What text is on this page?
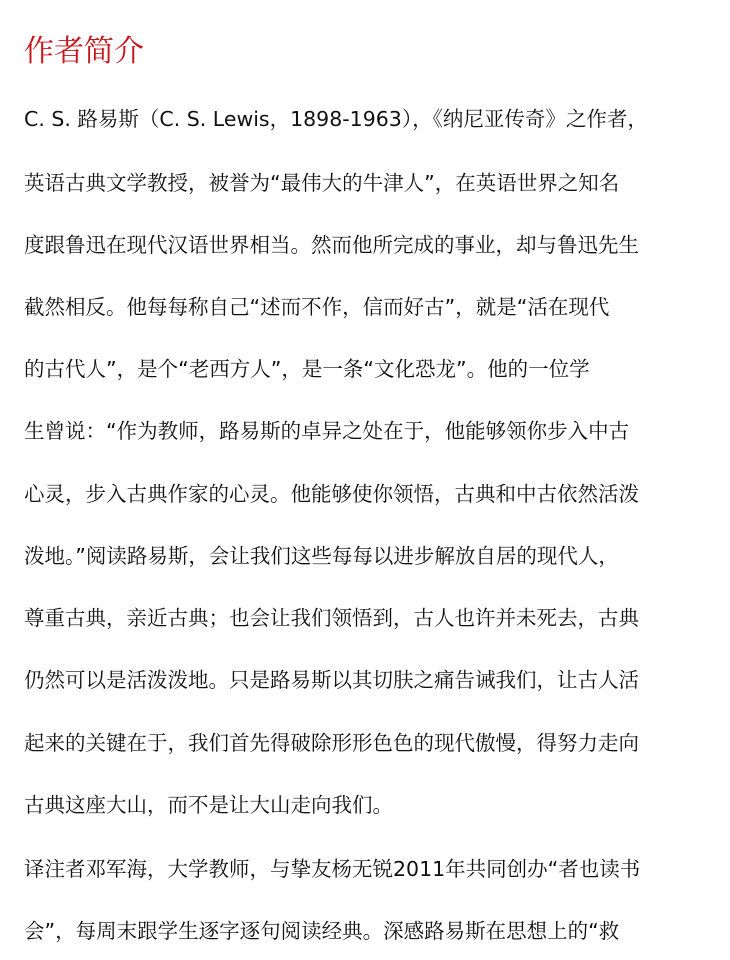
作者简介
C. S. 路易斯（C. S. Lewis，1898-1963），《纳尼亚传奇》之作者，
英语古典文学教授，被誉为“最伟大的牛津人”，在英语世界之知名
度跟鲁迅在现代汉语世界相当。然而他所完成的事业，却与鲁迅先生
截然相反。他每每称自己“述而不作，信而好古”，就是“活在现代
的古代人”，是个“老西方人”，是一条“文化恐龙”。他的一位学
生曾说：“作为教师，路易斯的卓异之处在于，他能够领你步入中古
心灵，步入古典作家的心灵。他能够使你领悟，古典和中古依然活泼
泼地。”阅读路易斯，会让我们这些每每以进步解放自居的现代人，
尊重古典，亲近古典；也会让我们领悟到，古人也许并未死去，古典
仍然可以是活泼泼地。只是路易斯以其切肤之痛告诫我们，让古人活
起来的关键在于，我们首先得破除形形色色的现代傲慢，得努力走向
古典这座大山，而不是让大山走向我们。
译注者邓军海，大学教师，与挚友杨无锐2011年共同创办“者也读书
会”，每周末跟学生逐字逐句阅读经典。深感路易斯在思想上的“救
